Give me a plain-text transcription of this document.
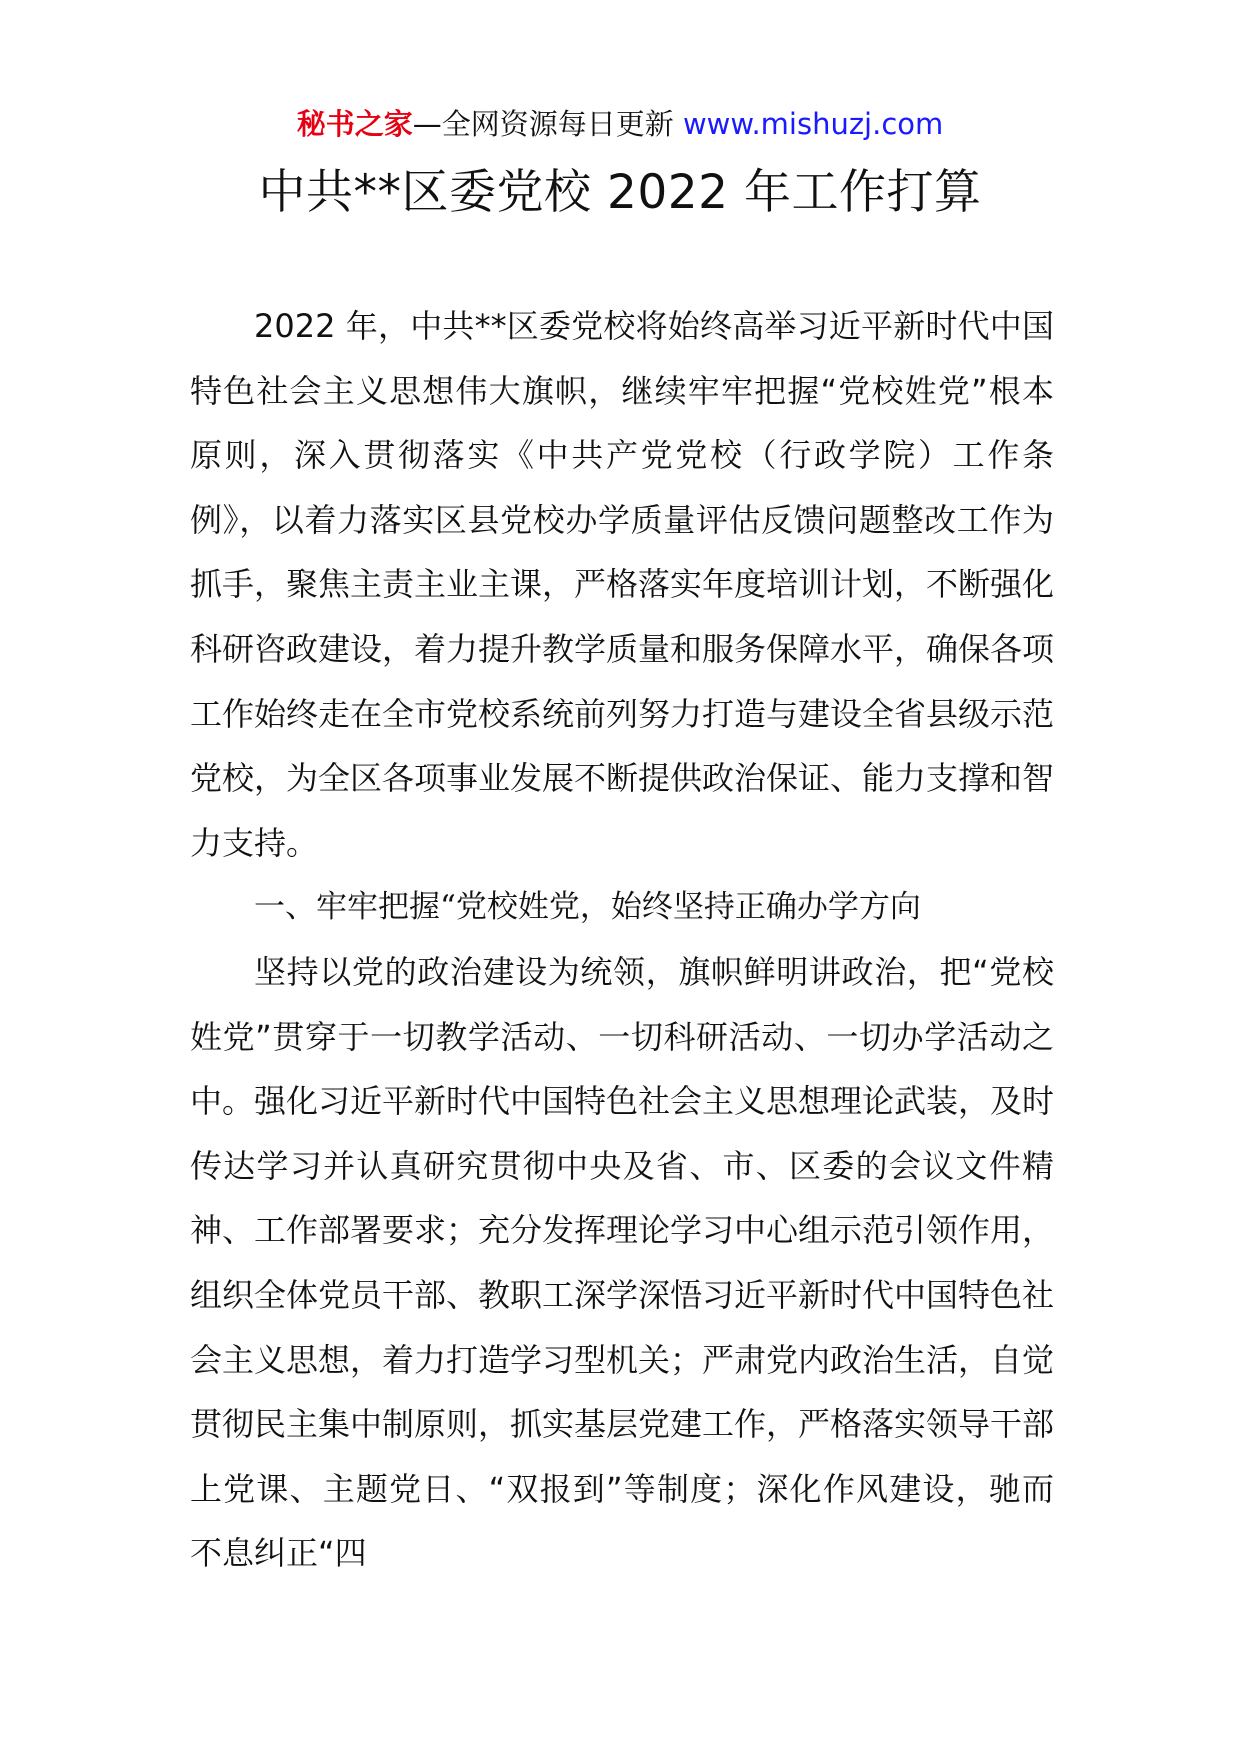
秘书之家—全网资源每日更新 www.mishuzj.com
中共**区委党校 2022 年工作打算

2022 年，中共**区委党校将始终高举习近平新时代中国特色社会主义思想伟大旗帜，继续牢牢把握“党校姓党”根本原则，深入贯彻落实《中共产党党校（行政学院）工作条例》，以着力落实区县党校办学质量评估反馈问题整改工作为抓手，聚焦主责主业主课，严格落实年度培训计划，不断强化科研咨政建设，着力提升教学质量和服务保障水平，确保各项工作始终走在全市党校系统前列努力打造与建设全省县级示范党校，为全区各项事业发展不断提供政治保证、能力支撑和智力支持。

一、牢牢把握“党校姓党，始终坚持正确办学方向

坚持以党的政治建设为统领，旗帜鲜明讲政治，把“党校姓党”贯穿于一切教学活动、一切科研活动、一切办学活动之中。强化习近平新时代中国特色社会主义思想理论武装，及时传达学习并认真研究贯彻中央及省、市、区委的会议文件精神、工作部署要求；充分发挥理论学习中心组示范引领作用，组织全体党员干部、教职工深学深悟习近平新时代中国特色社会主义思想，着力打造学习型机关；严肃党内政治生活，自觉贯彻民主集中制原则，抓实基层党建工作，严格落实领导干部上党课、主题党日、“双报到”等制度；深化作风建设，驰而不息纠正“四
